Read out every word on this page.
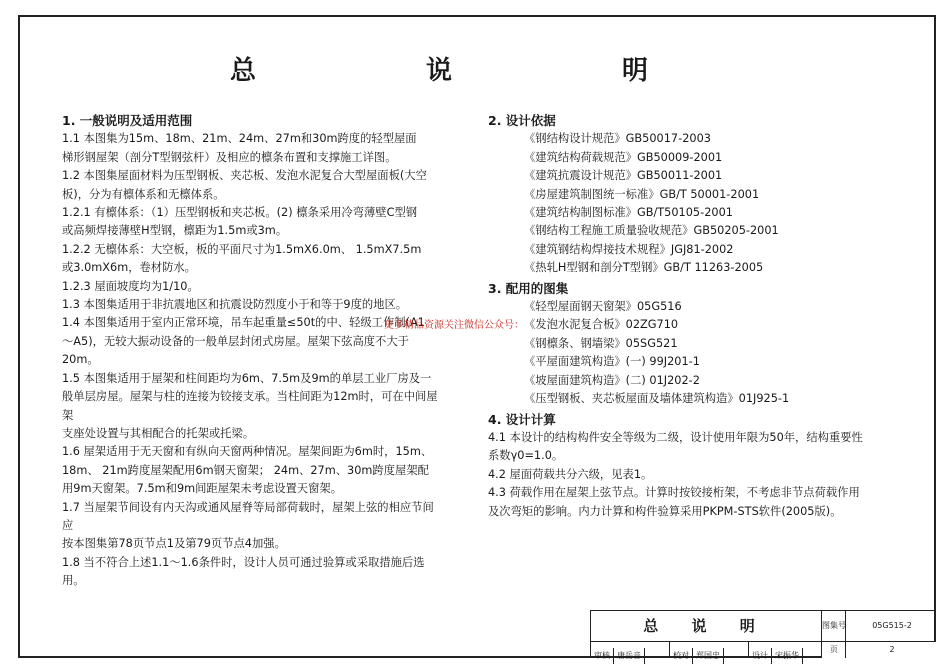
总　说　明
1. 一般说明及适用范围
1.1 本图集为15m、18m、21m、24m、27m和30m跨度的轻型屋面
梯形钢屋架（剖分T型钢弦杆）及相应的檩条布置和支撑施工详图。
1.2 本图集屋面材料为压型钢板、夹芯板、发泡水泥复合大型屋面板(大空
板)，分为有檩体系和无檩体系。
1.2.1 有檩体系：（1）压型钢板和夹芯板。(2) 檩条采用冷弯薄壁C型钢
或高频焊接薄壁H型钢，檩距为1.5m或3m。
1.2.2 无檩体系：大空板，板的平面尺寸为1.5mX6.0m、 1.5mX7.5m
或3.0mX6m，卷材防水。
1.2.3 屋面坡度均为1/10。
1.3 本图集适用于非抗震地区和抗震设防烈度小于和等于9度的地区。
1.4 本图集适用于室内正常环境，吊车起重量≤50t的中、轻级工作制(A1
～A5)，无较大振动设备的一般单层封闭式房屋。屋架下弦高度不大于20m。
1.5 本图集适用于屋架和柱间距均为6m、7.5m及9m的单层工业厂房及一
般单层房屋。屋架与柱的连接为铰接支承。当柱间距为12m时，可在中间屋架
支座处设置与其相配合的托架或托梁。
1.6 屋架适用于无天窗和有纵向天窗两种情况。屋架间距为6m时，15m、
18m、 21m跨度屋架配用6m钢天窗架； 24m、27m、30m跨度屋架配
用9m天窗架。7.5m和9m间距屋架未考虑设置天窗架。
1.7 当屋架节间设有内天沟或通风屋脊等局部荷载时，屋架上弦的相应节间应
按本图集第78页节点1及第79页节点4加强。
1.8 当不符合上述1.1～1.6条件时，设计人员可通过验算或采取措施后选用。
2. 设计依据
《钢结构设计规范》GB50017-2003
《建筑结构荷载规范》GB50009-2001
《建筑抗震设计规范》GB50011-2001
《房屋建筑制图统一标准》GB/T 50001-2001
《建筑结构制图标准》GB/T50105-2001
《钢结构工程施工质量验收规范》GB50205-2001
《建筑钢结构焊接技术规程》JGJ81-2002
《热轧H型钢和剖分T型钢》GB/T 11263-2005
3. 配用的图集
《轻型屋面钢天窗架》05G516
《发泡水泥复合板》02ZG710
《钢檩条、钢墙梁》05SG521
《平屋面建筑构造》(一) 99J201-1
《坡屋面建筑构造》(二) 01J202-2
《压型钢板、夹芯板屋面及墙体建筑构造》01J925-1
4. 设计计算
4.1 本设计的结构构件安全等级为二级，设计使用年限为50年，结构重要性
系数γ0=1.0。
4.2 屋面荷载共分六级，见表1。
4.3 荷载作用在屋架上弦节点。计算时按铰接桁架，不考虑非节点荷载作用
及次弯矩的影响。内力计算和构件验算采用PKPM-STS软件(2005版)。
更多精品资源关注微信公众号：
总 说 明	图集号	05G515-2
审核 唐岳音	校对 郑国忠	设计 宋振华
页	2
